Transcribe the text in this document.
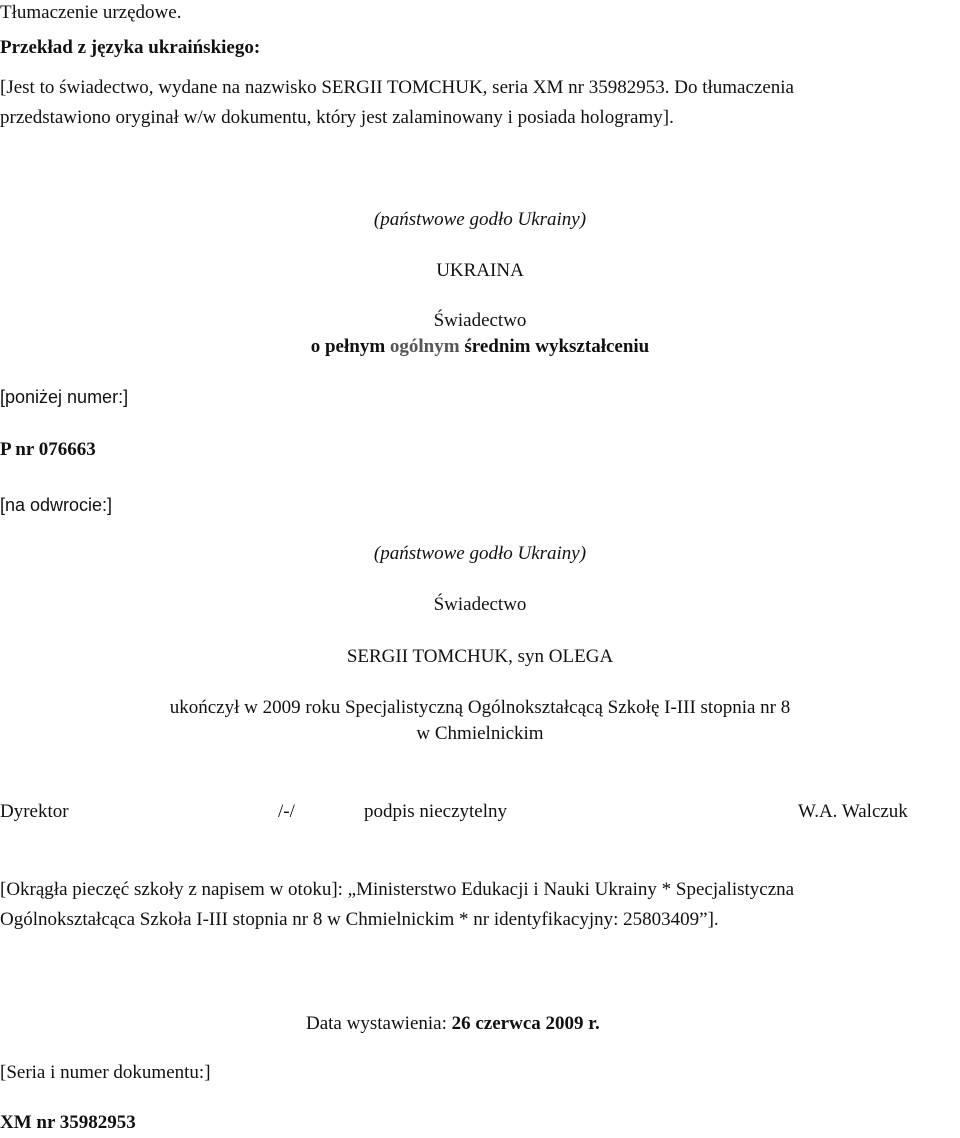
Tłumaczenie urzędowe.
Przekład z języka ukraińskiego:
[Jest to świadectwo, wydane na nazwisko SERGII TOMCHUK, seria XM nr 35982953. Do tłumaczenia
przedstawiono oryginał w/w dokumentu, który jest zalaminowany i posiada hologramy].
(państwowe godło Ukrainy)
UKRAINA
Świadectwo
o pełnym ogólnym średnim wykształceniu
[poniżej numer:]
P nr 076663
[na odwrocie:]
(państwowe godło Ukrainy)
Świadectwo
SERGII TOMCHUK, syn OLEGA
ukończył w 2009 roku Specjalistyczną Ogólnokształcącą Szkołę I-III stopnia nr 8
w Chmielnickim
Dyrektor	/-/	podpis nieczytelny	W.A. Walczuk
[Okrągła pieczęć szkoły z napisem w otoku]: „Ministerstwo Edukacji i Nauki Ukrainy * Specjalistyczna
Ogólnokształcąca Szkoła I-III stopnia nr 8 w Chmielnickim * nr identyfikacyjny: 25803409”].
Data wystawienia: 26 czerwca 2009 r.
[Seria i numer dokumentu:]
XM nr 35982953
